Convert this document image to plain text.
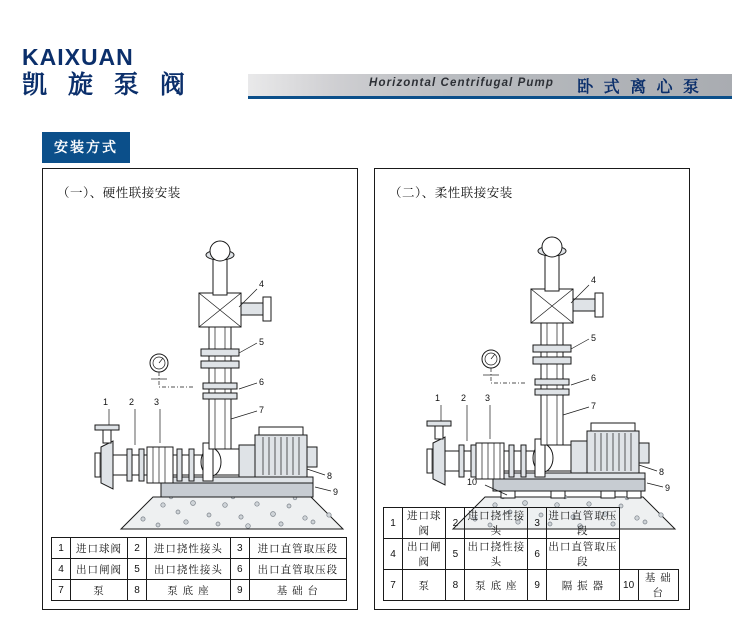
KAIXUAN
凯 旋 泵 阀	Horizontal Centrifugal Pump 卧 式 离 心 泵
安装方式
（一）、硬性联接安装
1 2 3
4
5
6
7
8
9
1	进口球阀	2	进口挠性接头	3	进口直管取压段
4	出口闸阀	5	出口挠性接头	6	出口直管取压段
7	泵	8	泵 底 座	9	基 础 台
（二）、柔性联接安装
1 2 3
4
5
6
7
8
9
10
1	进口球阀	2	进口挠性接头	3	进口直管取压段		
4	出口闸阀	5	出口挠性接头	6	出口直管取压段		
7	泵	8	泵 底 座	9	隔 振 器	10	基 础 台
